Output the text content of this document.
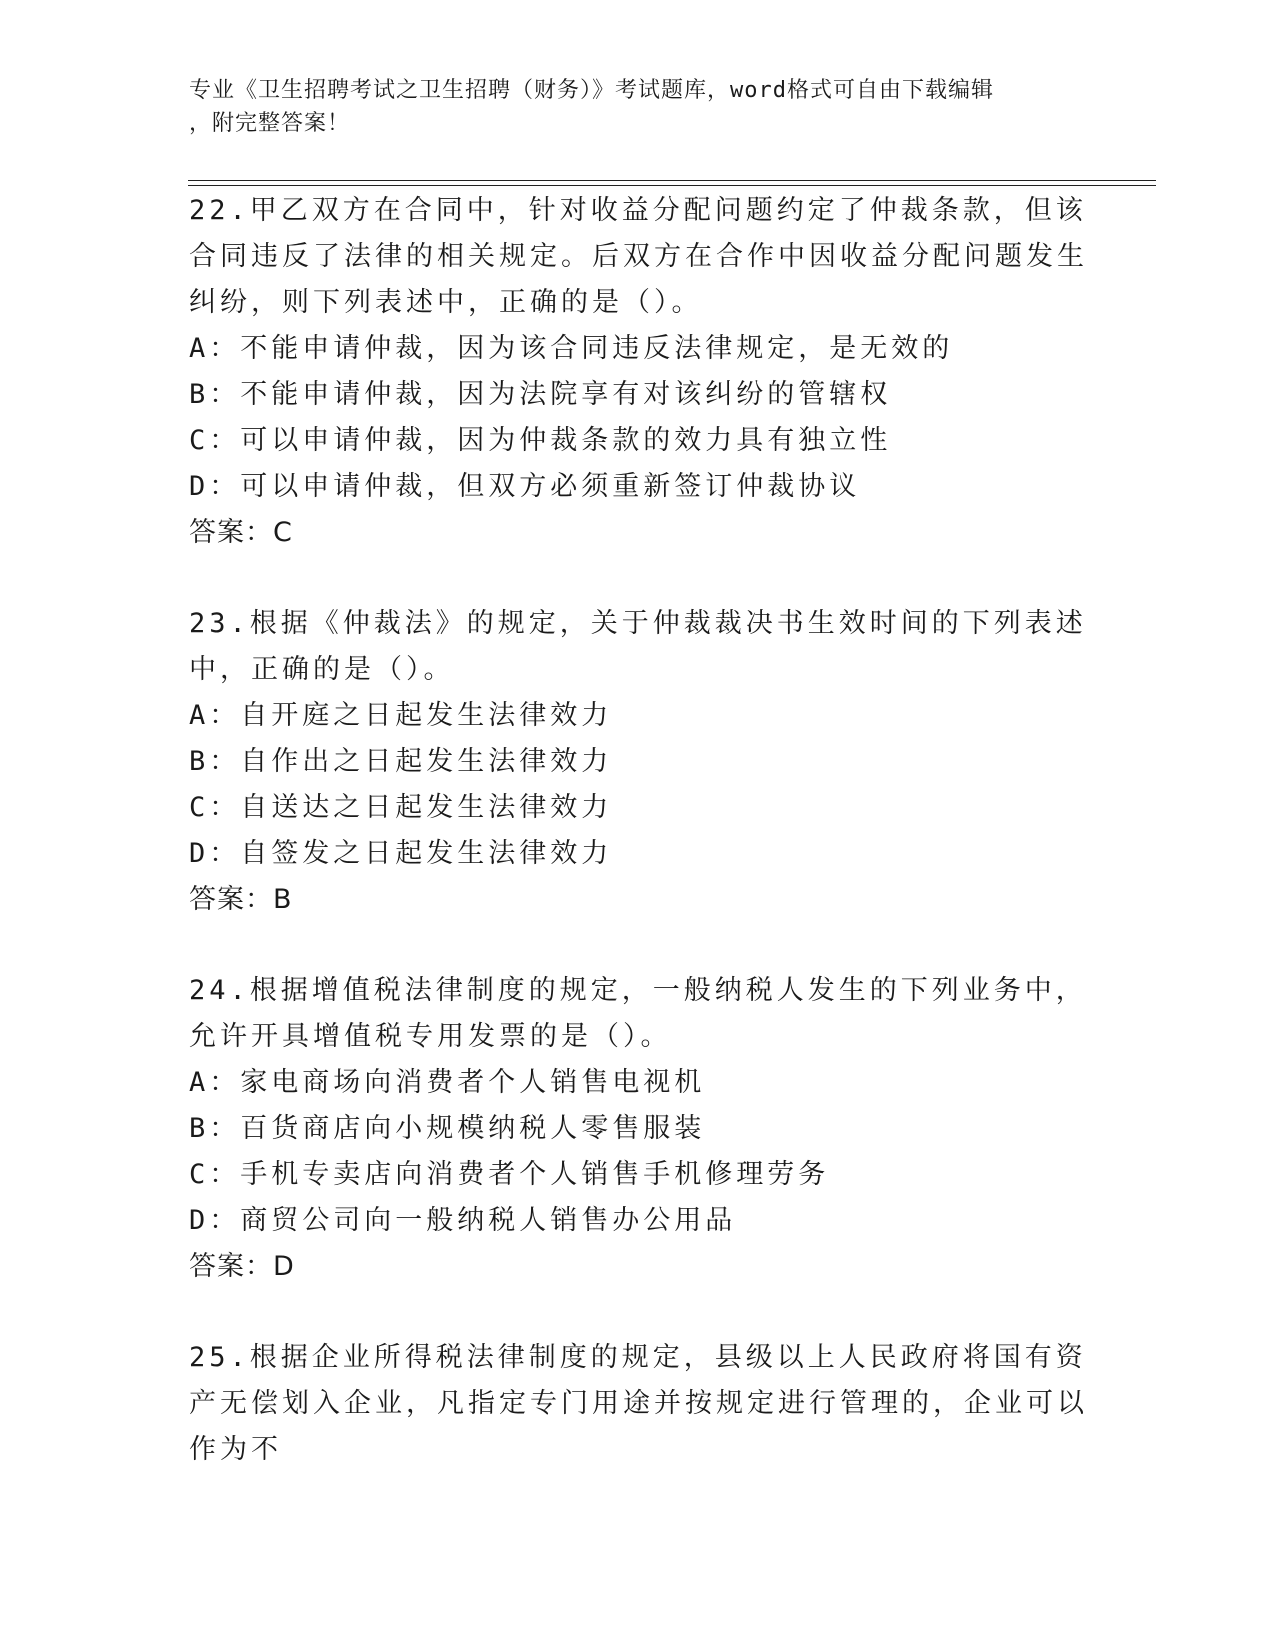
专业《卫生招聘考试之卫生招聘（财务）》考试题库，word格式可自由下载编辑
，附完整答案！

22.甲乙双方在合同中，针对收益分配问题约定了仲裁条款，但该合同违反了法律的相关规定。后双方在合作中因收益分配问题发生纠纷，则下列表述中，正确的是（）。

A：不能申请仲裁，因为该合同违反法律规定，是无效的

B：不能申请仲裁，因为法院享有对该纠纷的管辖权

C：可以申请仲裁，因为仲裁条款的效力具有独立性

D：可以申请仲裁，但双方必须重新签订仲裁协议

答案：C

23.根据《仲裁法》的规定，关于仲裁裁决书生效时间的下列表述中，正确的是（）。

A：自开庭之日起发生法律效力

B：自作出之日起发生法律效力

C：自送达之日起发生法律效力

D：自签发之日起发生法律效力

答案：B

24.根据增值税法律制度的规定，一般纳税人发生的下列业务中，允许开具增值税专用发票的是（）。

A：家电商场向消费者个人销售电视机

B：百货商店向小规模纳税人零售服装

C：手机专卖店向消费者个人销售手机修理劳务

D：商贸公司向一般纳税人销售办公用品

答案：D

25.根据企业所得税法律制度的规定，县级以上人民政府将国有资产无偿划入企业，凡指定专门用途并按规定进行管理的，企业可以作为不
